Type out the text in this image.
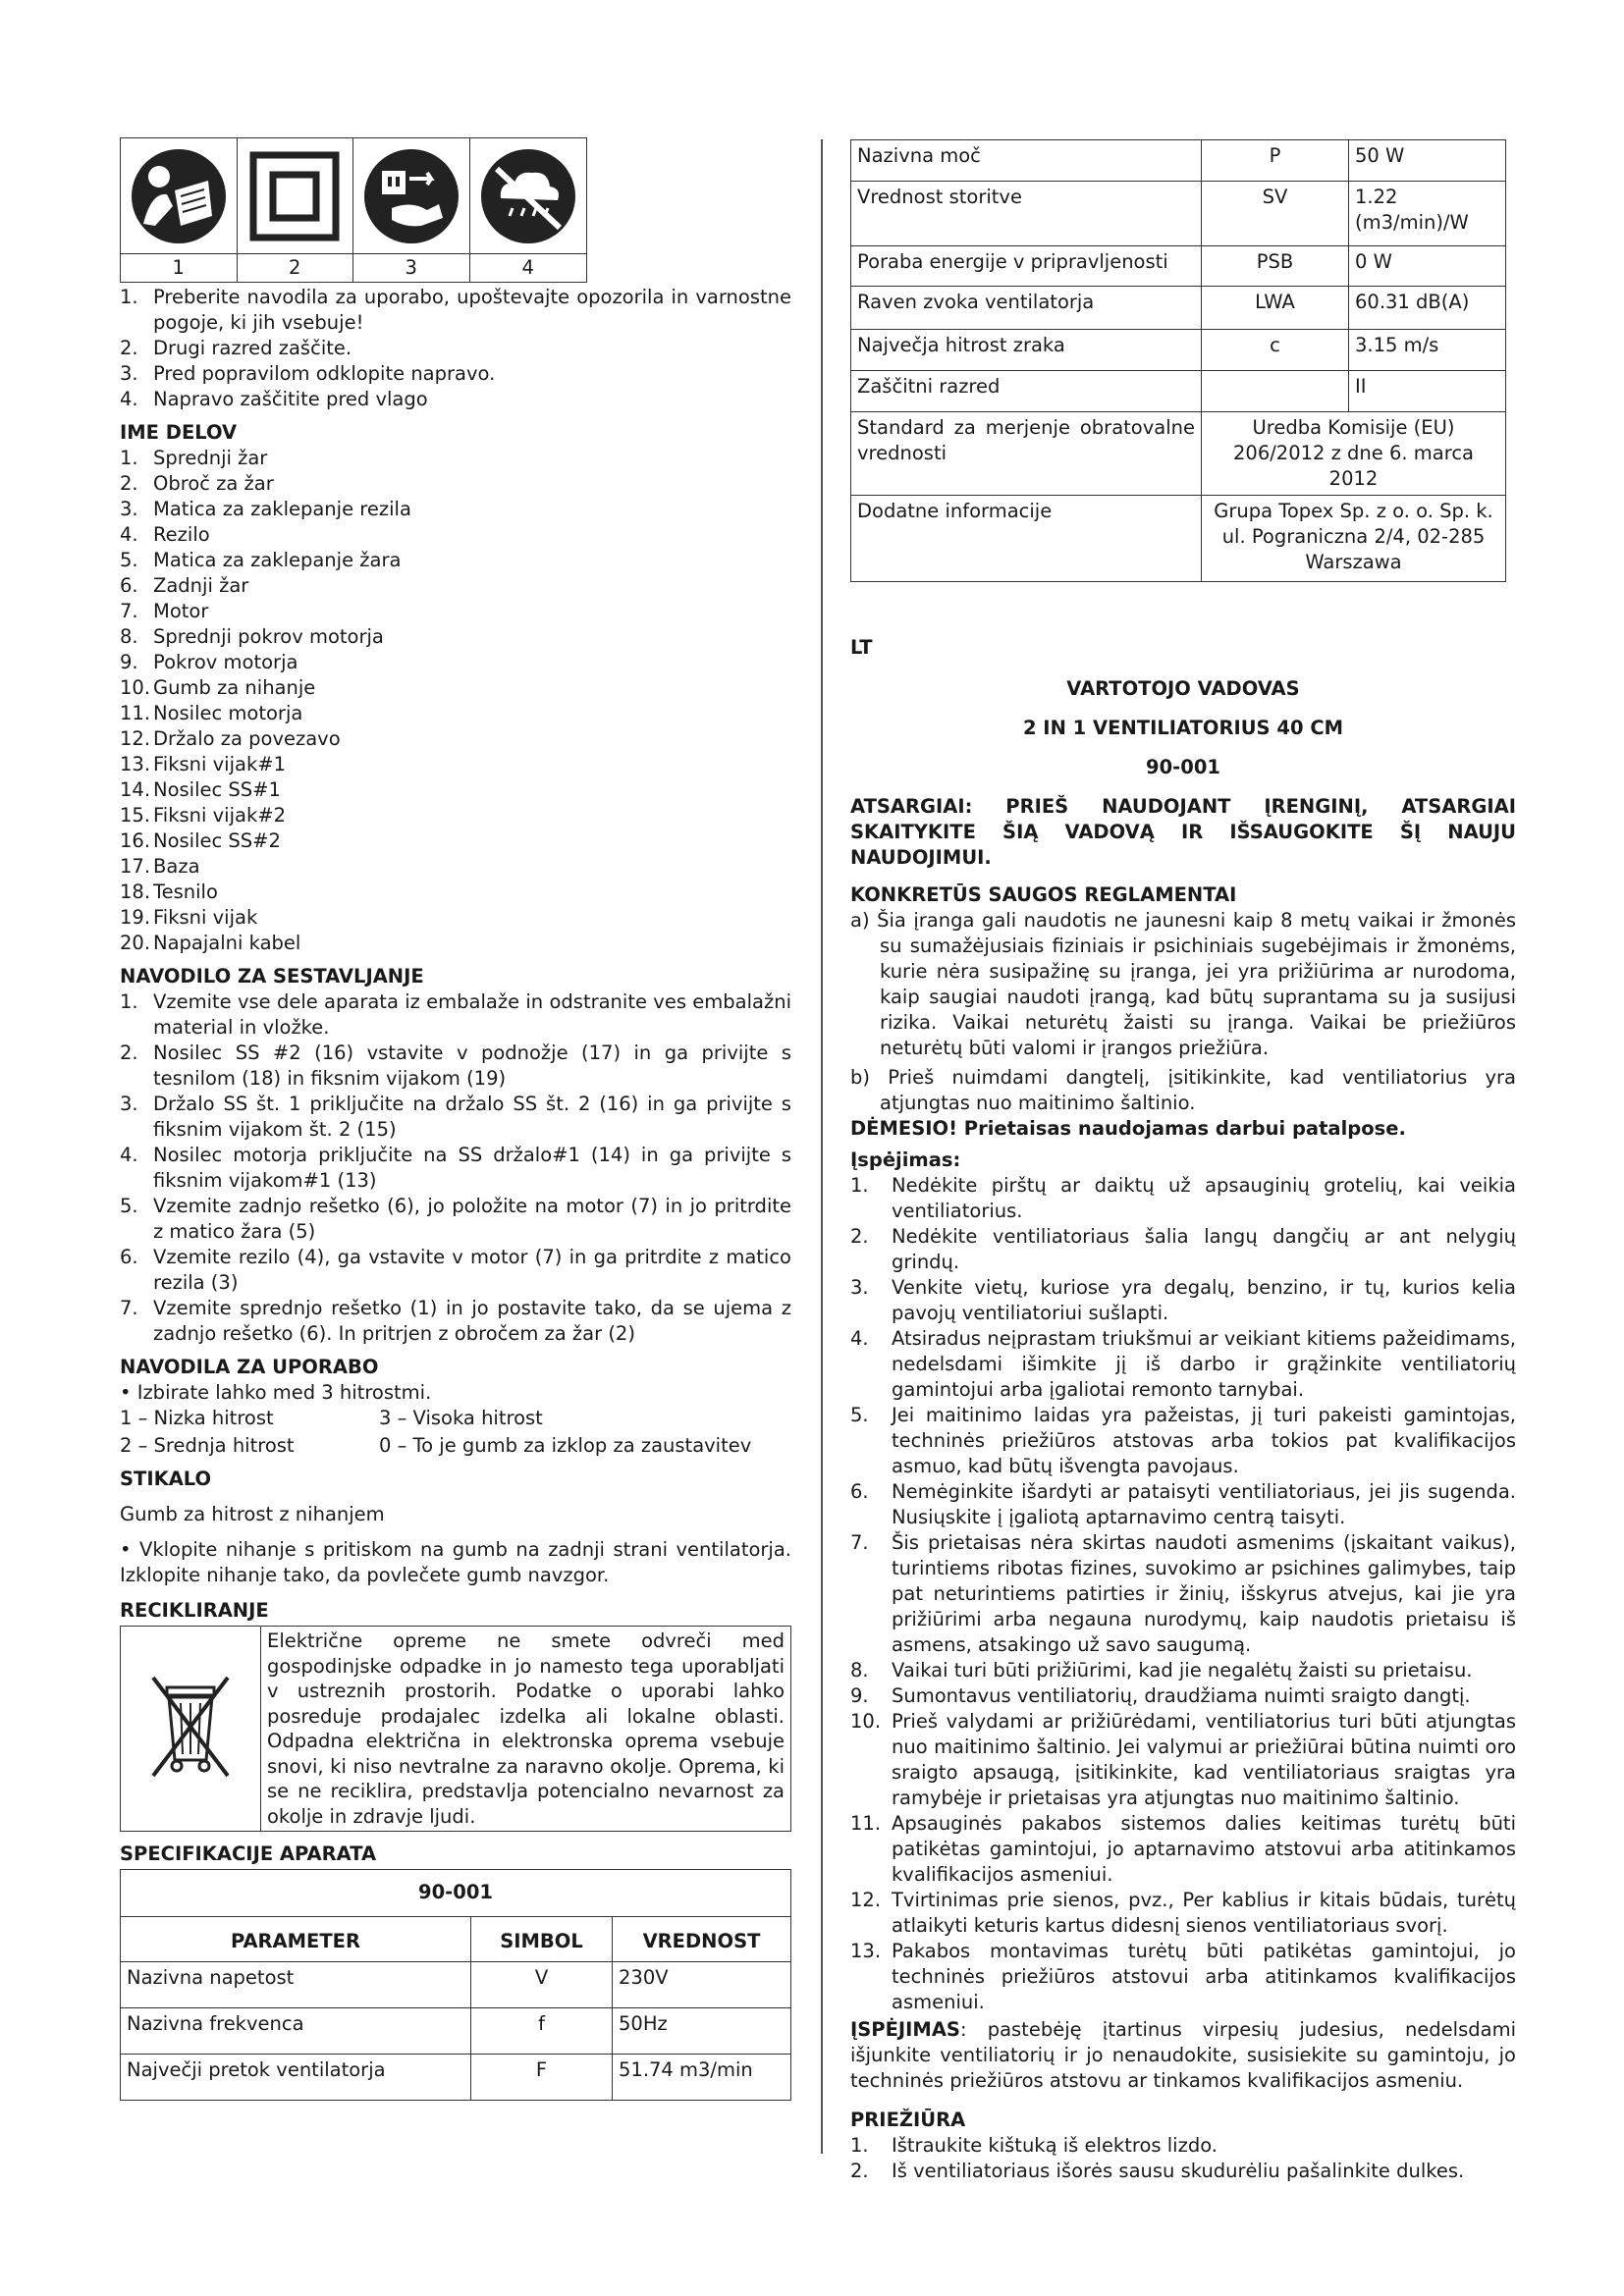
1	2	3	4
1. Preberite navodila za uporabo, upoštevajte opozorila in varnostne pogoje, ki jih vsebuje!
2. Drugi razred zaščite.
3. Pred popravilom odklopite napravo.
4. Napravo zaščitite pred vlago
IME DELOV
1. Sprednji žar
2. Obroč za žar
3. Matica za zaklepanje rezila
4. Rezilo
5. Matica za zaklepanje žara
6. Zadnji žar
7. Motor
8. Sprednji pokrov motorja
9. Pokrov motorja
10. Gumb za nihanje
11. Nosilec motorja
12. Držalo za povezavo
13. Fiksni vijak#1
14. Nosilec SS#1
15. Fiksni vijak#2
16. Nosilec SS#2
17. Baza
18. Tesnilo
19. Fiksni vijak
20. Napajalni kabel
NAVODILO ZA SESTAVLJANJE
1. Vzemite vse dele aparata iz embalaže in odstranite ves embalažni material in vložke.
2. Nosilec SS #2 (16) vstavite v podnožje (17) in ga privijte s tesnilom (18) in fiksnim vijakom (19)
3. Držalo SS št. 1 priključite na držalo SS št. 2 (16) in ga privijte s fiksnim vijakom št. 2 (15)
4. Nosilec motorja priključite na SS držalo#1 (14) in ga privijte s fiksnim vijakom#1 (13)
5. Vzemite zadnjo rešetko (6), jo položite na motor (7) in jo pritrdite z matico žara (5)
6. Vzemite rezilo (4), ga vstavite v motor (7) in ga pritrdite z matico rezila (3)
7. Vzemite sprednjo rešetko (1) in jo postavite tako, da se ujema z zadnjo rešetko (6). In pritrjen z obročem za žar (2)
NAVODILA ZA UPORABO
• Izbirate lahko med 3 hitrostmi.
1 – Nizka hitrost	3 – Visoka hitrost
2 – Srednja hitrost	0 – To je gumb za izklop za zaustavitev
STIKALO
Gumb za hitrost z nihanjem
• Vklopite nihanje s pritiskom na gumb na zadnji strani ventilatorja. Izklopite nihanje tako, da povlečete gumb navzgor.
RECIKLIRANJE
Električne opreme ne smete odvreči med gospodinjske odpadke in jo namesto tega uporabljati v ustreznih prostorih. Podatke o uporabi lahko posreduje prodajalec izdelka ali lokalne oblasti. Odpadna električna in elektronska oprema vsebuje snovi, ki niso nevtralne za naravno okolje. Oprema, ki se ne reciklira, predstavlja potencialno nevarnost za okolje in zdravje ljudi.
SPECIFIKACIJE APARATA
90-001		
PARAMETER	SIMBOL	VREDNOST
Nazivna napetost	V	230V
Nazivna frekvenca	f	50Hz
Največji pretok ventilatorja	F	51.74 m3/min
Nazivna moč	P	50 W
Vrednost storitve	SV	1.22 (m3/min)/W
Poraba energije v pripravljenosti	PSB	0 W
Raven zvoka ventilatorja	LWA	60.31 dB(A)
Največja hitrost zraka	c	3.15 m/s
Zaščitni razred		II
Standard za merjenje obratovalne vrednosti	Uredba Komisije (EU) 206/2012 z dne 6. marca 2012	
Dodatne informacije	Grupa Topex Sp. z o. o. Sp. k. ul. Pograniczna 2/4, 02-285 Warszawa	
LT
VARTOTOJO VADOVAS
2 IN 1 VENTILIATORIUS 40 CM
90-001
ATSARGIAI: PRIEŠ NAUDOJANT ĮRENGINĮ, ATSARGIAI SKAITYKITE ŠIĄ VADOVĄ IR IŠSAUGOKITE ŠĮ NAUJU NAUDOJIMUI.
KONKRETŪS SAUGOS REGLAMENTAI
a) Šia įranga gali naudotis ne jaunesni kaip 8 metų vaikai ir žmonės su sumažėjusiais fiziniais ir psichiniais sugebėjimais ir žmonėms, kurie nėra susipažinę su įranga, jei yra prižiūrima ar nurodoma, kaip saugiai naudoti įrangą, kad būtų suprantama su ja susijusi rizika. Vaikai neturėtų žaisti su įranga. Vaikai be priežiūros neturėtų būti valomi ir įrangos priežiūra.
b) Prieš nuimdami dangtelį, įsitikinkite, kad ventiliatorius yra atjungtas nuo maitinimo šaltinio.
DĖMESIO! Prietaisas naudojamas darbui patalpose.
Įspėjimas:
1. Nedėkite pirštų ar daiktų už apsauginių grotelių, kai veikia ventiliatorius.
2. Nedėkite ventiliatoriaus šalia langų dangčių ar ant nelygių grindų.
3. Venkite vietų, kuriose yra degalų, benzino, ir tų, kurios kelia pavojų ventiliatoriui sušlapti.
4. Atsiradus neįprastam triukšmui ar veikiant kitiems pažeidimams, nedelsdami išimkite jį iš darbo ir grąžinkite ventiliatorių gamintojui arba įgaliotai remonto tarnybai.
5. Jei maitinimo laidas yra pažeistas, jį turi pakeisti gamintojas, techninės priežiūros atstovas arba tokios pat kvalifikacijos asmuo, kad būtų išvengta pavojaus.
6. Nemėginkite išardyti ar pataisyti ventiliatoriaus, jei jis sugenda. Nusiųskite į įgaliotą aptarnavimo centrą taisyti.
7. Šis prietaisas nėra skirtas naudoti asmenims (įskaitant vaikus), turintiems ribotas fizines, suvokimo ar psichines galimybes, taip pat neturintiems patirties ir žinių, išskyrus atvejus, kai jie yra prižiūrimi arba negauna nurodymų, kaip naudotis prietaisu iš asmens, atsakingo už savo saugumą.
8. Vaikai turi būti prižiūrimi, kad jie negalėtų žaisti su prietaisu.
9. Sumontavus ventiliatorių, draudžiama nuimti sraigto dangtį.
10. Prieš valydami ar prižiūrėdami, ventiliatorius turi būti atjungtas nuo maitinimo šaltinio. Jei valymui ar priežiūrai būtina nuimti oro sraigto apsaugą, įsitikinkite, kad ventiliatoriaus sraigtas yra ramybėje ir prietaisas yra atjungtas nuo maitinimo šaltinio.
11. Apsauginės pakabos sistemos dalies keitimas turėtų būti patikėtas gamintojui, jo aptarnavimo atstovui arba atitinkamos kvalifikacijos asmeniui.
12. Tvirtinimas prie sienos, pvz., Per kablius ir kitais būdais, turėtų atlaikyti keturis kartus didesnį sienos ventiliatoriaus svorį.
13. Pakabos montavimas turėtų būti patikėtas gamintojui, jo techninės priežiūros atstovui arba atitinkamos kvalifikacijos asmeniui.
ĮSPĖJIMAS: pastebėję įtartinus virpesių judesius, nedelsdami išjunkite ventiliatorių ir jo nenaudokite, susisiekite su gamintoju, jo techninės priežiūros atstovu ar tinkamos kvalifikacijos asmeniu.
PRIEŽIŪRA
1. Ištraukite kištuką iš elektros lizdo.
2. Iš ventiliatoriaus išorės sausu skudurėliu pašalinkite dulkes.
